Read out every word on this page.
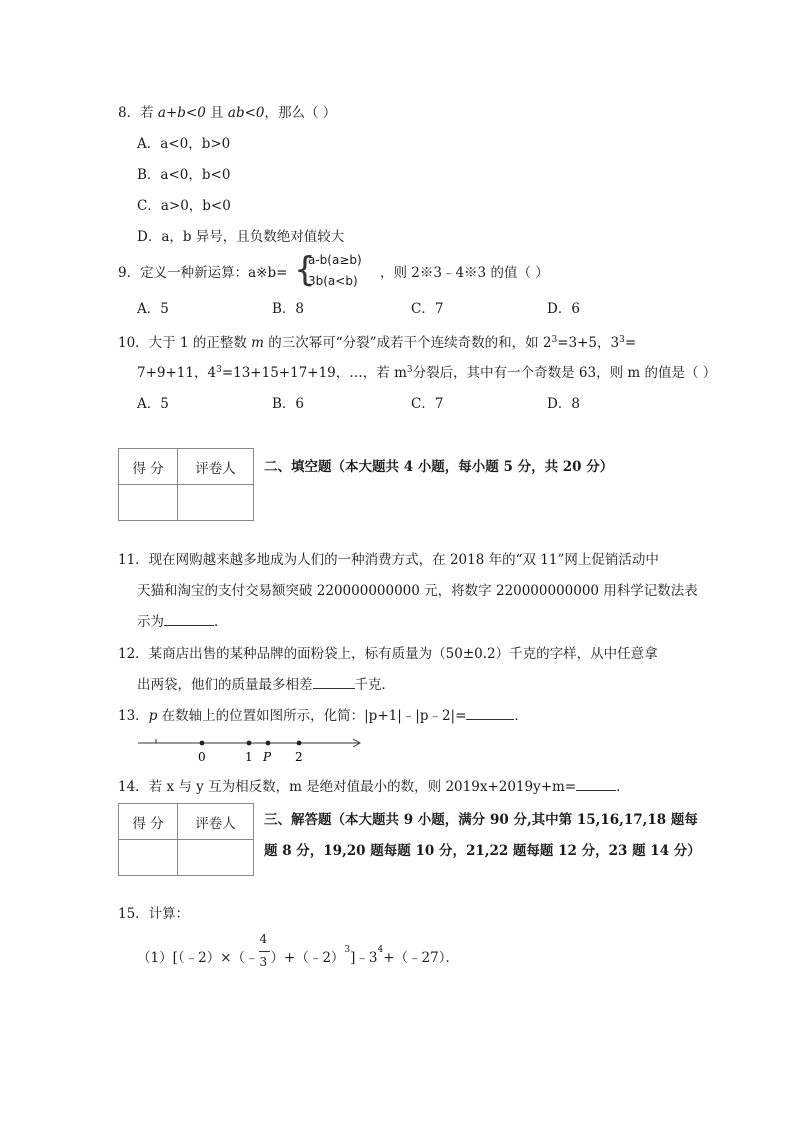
8．若 a+b<0 且 ab<0，那么（ ）
A．a<0，b>0
B．a<0，b<0
C．a>0，b<0
D．a，b 异号，且负数绝对值较大
9．定义一种新运算：a※b= {
a-b(a≥b)
3b(a<b) ，则 2※3﹣4※3 的值（ ）
A．5	B．8	C．7	D．6
10．大于 1 的正整数 m 的三次幂可“分裂”成若干个连续奇数的和，如 $2^3=3+5$，$3^3=$
7+9+11，$4^3=13+15+17+19$，…，若 $m^3$分裂后，其中有一个奇数是 63，则 m 的值是（ ）
A．5	B．6	C．7	D．8
得 分	评卷人
	二、填空题（本大题共 4 小题，每小题 5 分，共 20 分）
11．现在网购越来越多地成为人们的一种消费方式，在 2018 年的“双 11”网上促销活动中
天猫和淘宝的支付交易额突破 220000000000 元，将数字 220000000000 用科学记数法表
示为	．
12．某商店出售的某种品牌的面粉袋上，标有质量为（50±0.2）千克的字样，从中任意拿
出两袋，他们的质量最多相差	千克．
13．p 在数轴上的位置如图所示，化简：|p+1|﹣|p﹣2|=	．
0	1 P 2
14．若 x 与 y 互为相反数，m 是绝对值最小的数，则 2019x+2019y+m=	．
得 分	评卷人
	三、解答题（本大题共 9 小题，满分 90 分,其中第 15,16,17,18 题每
题 8 分，19,20 题每题 10 分，21,22 题每题 12 分，23 题 14 分）
15．计算：
（1）[（﹣2）×（﹣ $\frac{4}{3}$ ）$+(﹣2)^3]﹣3^4+(﹣27)$．
